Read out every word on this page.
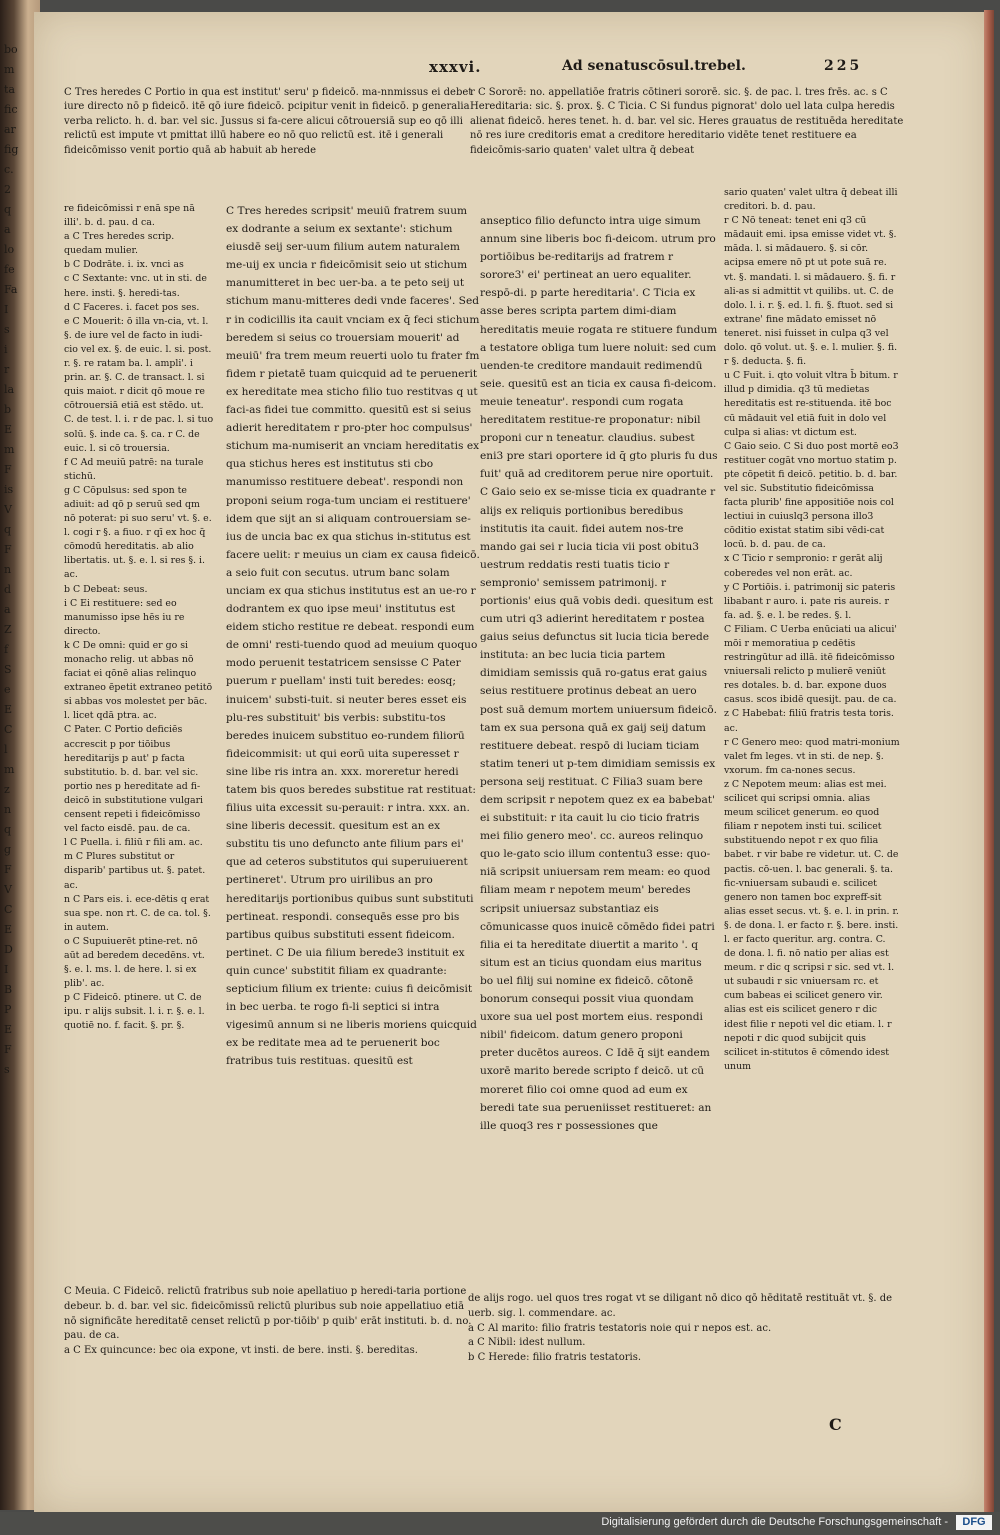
bo
m
ta
fic
ar
fig
c.
2
q
a
lo
fe
Fa
I
s
i
r
la
b
E
m
F
is
V
q
F
n
d
a
Z
f
S
e
E
C
l
m
z
n
q
g
F
V
C
E
D
I
B
P
E
F
s
xxxvi.	Ad senatuscōsul.trebel.	225
C Tres heredes C Portio in qua est institut' seru' p fideicō. ma-nnmissus ei debet iure directo nō p fideicō. itē qō iure fideicō. pcipitur venit in fideicō. p generalia verba relicto. h. d. bar. vel sic. Jussus si fa-cere alicui cōtrouersiā sup eo qō illi relictū est impute vt pmittat illū habere eo nō quo relictū est. itē i generali fideicōmisso venit portio quā ab habuit ab herede
r C Sororē: no. appellatiōe fratris cōtineri sororē. sic. §. de pac. l. tres frēs. ac. s C Hereditaria: sic. §. prox. §. C Ticia. C Si fundus pignorat' dolo uel lata culpa heredis alienat fideicō. heres tenet. h. d. bar. vel sic. Heres grauatus de restituēda hereditate nō res iure creditoris emat a creditore hereditario vidēte tenet restituere ea fideicōmis-sario quaten' valet ultra q̄ debeat
re fideicōmissi r enā spe nā illi'. b. d. pau. d ca.
a C Tres heredes scrip. quedam mulier.
b C Dodrāte. i. ix. vnci as
c C Sextante: vnc. ut in sti. de here. insti. §. heredi-tas.
d C Faceres. i. facet pos ses.
e C Mouerit: ō illa vn-cia, vt. l. §. de iure vel de facto in iudi-cio vel ex. §. de euic. l. si. post. r. §. re ratam ba. l. ampli'. i prin. ar. §. C. de transact. l. si quis maiot. r dicit qō moue re cōtrouersiā etiā est stēdo. ut. C. de test. l. i. r de pac. l. si tuo solū. §. inde ca. §. ca. r C. de euic. l. si cō trouersia.
f C Ad meuiū patrē: na turale stichū.
g C Cōpulsus: sed spon te adiuit: ad qō p seruū sed qm nō poterat: pi suo seru' vt. §. e. l. cogi r §. a fiuo. r qī ex hoc q̄ cōmodū hereditatis. ab alio libertatis. ut. §. e. l. si res §. i. ac.
b C Debeat: seus.
i C Ei restituere: sed eo manumisso ipse hēs iu re directo.
k C De omni: quid er go si monacho relig. ut abbas nō faciat ei qōnē alias relinquo extraneo ēpetit extraneo petitō si abbas vos molestet per bāc. l. licet qdā ptra. ac.
C Pater. C Portio deficiēs accrescit p por tiōibus hereditarijs p aut' p facta substitutio. b. d. bar. vel sic. portio nes p hereditate ad fi-deicō in substitutione vulgari censent repeti i fideicōmisso vel facto eisdē. pau. de ca.
l C Puella. i. filiū r fili am. ac.
m C Plures substitut or disparib' partibus ut. §. patet. ac.
n C Pars eis. i. ece-dētis q erat sua spe. non rt. C. de ca. tol. §. in autem.
o C Supuiuerēt ptine-ret. nō aūt ad beredem decedēns. vt. §. e. l. ms. l. de here. l. si ex plib'. ac.
p C Fideicō. ptinere. ut C. de ipu. r alijs subsit. l. i. r. §. e. l. quotiē no. f. facit. §. pr. §.
C Tres heredes scripsit' meuiū fratrem suum ex dodrante a seium ex sextante': stichum eiusdē seij ser-uum filium autem naturalem me-uij ex uncia r fideicōmisit seio ut stichum manumitteret in bec uer-ba. a te peto seij ut stichum manu-mitteres dedi vnde faceres'. Sed r in codicillis ita cauit vnciam ex q̄ feci stichum beredem si seius co trouersiam mouerit' ad meuiū' fra trem meum reuerti uolo tu frater fm fidem r pietatē tuam quicquid ad te peruenerit ex hereditate mea sticho filio tuo restitvas q ut faci-as fidei tue committo. quesitū est si seius adierit hereditatem r pro-pter hoc compulsus' stichum ma-numiserit an vnciam hereditatis ex qua stichus heres est institutus sti cbo manumisso restituere debeat'. respondi non proponi seium roga-tum unciam ei restituere' idem que sijt an si aliquam controuersiam se-ius de uncia bac ex qua stichus in-stitutus est facere uelit: r meuius un ciam ex causa fideicō. a seio fuit con secutus. utrum banc solam unciam ex qua stichus institutus est an ue-ro r dodrantem ex quo ipse meui' institutus est eidem sticho restitue re debeat. respondi eum de omni' resti-tuendo quod ad meuium quoquo modo peruenit testatricem sensisse C Pater puerum r puellam' insti tuit beredes: eosq; inuicem' substi-tuit. si neuter beres esset eis plu-res substituit' bis verbis: substitu-tos beredes inuicem substituo eo-rundem filiorū fideicommisit: ut qui eorū uita superesset r sine libe ris intra an. xxx. moreretur heredi tatem bis quos beredes substitue rat restituat: filius uita excessit su-perauit: r intra. xxx. an. sine liberis decessit. quesitum est an ex substitu tis uno defuncto ante filium pars ei' que ad ceteros substitutos qui superuiuerent pertineret'. Utrum pro uirilibus an pro hereditarijs portionibus quibus sunt substituti pertineat. respondi. consequēs esse pro bis partibus quibus substituti essent fideicom. pertinet. C De uia filium berede3 instituit ex quin cunce' substitit filiam ex quadrante: septicium filium ex triente: cuius fi deicōmisit in bec uerba. te rogo fi-li septici si intra vigesimū annum si ne liberis moriens quicquid ex be reditate mea ad te peruenerit boc fratribus tuis restituas. quesitū est
anseptico filio defuncto intra uige simum annum sine liberis boc fi-deicom. utrum pro portiōibus be-reditarijs ad fratrem r sorore3' ei' pertineat an uero equaliter. respō-di. p parte hereditaria'. C Ticia ex asse beres scripta partem dimi-diam hereditatis meuie rogata re stituere fundum a testatore obliga tum luere noluit: sed cum uenden-te creditore mandauit redimendū seie. quesitū est an ticia ex causa fi-deicom. meuie teneatur'. respondi cum rogata hereditatem restitue-re proponatur: nibil proponi cur n teneatur. claudius. subest eni3 pre stari oportere id q̄ gto pluris fu dus fuit' quā ad creditorem perue nire oportuit. C Gaio seio ex se-misse ticia ex quadrante r alijs ex reliquis portionibus beredibus institutis ita cauit. fidei autem nos-tre mando gai sei r lucia ticia vii post obitu3 uestrum reddatis resti tuatis ticio r sempronio' semissem patrimonij. r portionis' eius quā vobis dedi. quesitum est cum utri q3 adierint hereditatem r postea gaius seius defunctus sit lucia ticia berede instituta: an bec lucia ticia partem dimidiam semissis quā ro-gatus erat gaius seius restituere protinus debeat an uero post suā demum mortem uniuersum fideicō. tam ex sua persona quā ex gaij seij datum restituere debeat. respō di luciam ticiam statim teneri ut p-tem dimidiam semissis ex persona seij restituat. C Filia3 suam bere dem scripsit r nepotem quez ex ea babebat' ei substituit: r ita cauit lu cio ticio fratris mei filio genero meo'. cc. aureos relinquo quo le-gato scio illum contentu3 esse: quo-niā scripsit uniuersam rem meam: eo quod filiam meam r nepotem meum' beredes scripsit uniuersaz substantiaz eis cōmunicasse quos inuicē cōmēdo fidei patri filia ei ta hereditate diuertit a marito '. q situm est an ticius quondam eius maritus bo uel filij sui nomine ex fideicō. cōtonē bonorum consequi possit viua quondam uxore sua uel post mortem eius. respondi nibil' fideicom. datum genero proponi preter ducētos aureos. C Idē q̄ sijt eandem uxorē marito berede scripto f deicō. ut cū moreret filio coi omne quod ad eum ex beredi tate sua perueniisset restitueret: an ille quoq3 res r possessiones que
sario quaten' valet ultra q̄ debeat illi creditori. b. d. pau.
r C Nō teneat: tenet eni q3 cū mādauit emi. ipsa emisse videt vt. §. māda. l. si mādauero. §. si cōr. acipsa emere nō pt ut pote suā re. vt. §. mandati. l. si mādauero. §. fi. r ali-as si admittit vt quilibs. ut. C. de dolo. l. i. r. §. ed. l. fi. §. ftuot. sed si extrane' fine mādato emisset nō teneret. nisi fuisset in culpa q3 vel dolo. qō volut. ut. §. e. l. mulier. §. fi. r §. deducta. §. fi.
u C Fuit. i. qto voluit vltra b̄ bitum. r illud p dimidia. q3 tū medietas hereditatis est re-stituenda. itē boc cū mādauit vel etiā fuit in dolo vel culpa si alias: vt dictum est.
C Gaio seio. C Si duo post mortē eo3 restituer cogāt vno mortuo statim p. pte cōpetit fi deicō. petitio. b. d. bar. vel sic. Substitutio fideicōmissa facta plurib' fine appositiōe nois col lectiui in cuiuslq3 persona illo3 cōditio existat statim sibi vēdi-cat locū. b. d. pau. de ca.
x C Ticio r sempronio: r gerāt alij coberedes vel non erāt. ac.
y C Portiōis. i. patrimonij sic pateris libabant r auro. i. pate ris aureis. r fa. ad. §. e. l. be redes. §. l.
C Filiam. C Uerba enūciati ua alicui' mōi r memoratiua p cedētis restringūtur ad illā. itē fideicōmisso vniuersali relicto p mulierē veniūt res dotales. b. d. bar. expone duos casus. scos ibidē quesijt. pau. de ca.
z C Habebat: filiū fratris testa toris. ac.
r C Genero meo: quod matri-monium valet fm leges. vt in sti. de nep. §. vxorum. fm ca-nones secus.
z C Nepotem meum: alias est mei. scilicet qui scripsi omnia. alias meum scilicet generum. eo quod filiam r nepotem insti tui. scilicet substituendo nepot r ex quo filia babet. r vir babe re videtur. ut. C. de pactis. cō-uen. l. bac generali. §. ta. fic-vniuersam subaudi e. scilicet genero non tamen boc expreff-sit alias esset secus. vt. §. e. l. in prin. r. §. de dona. l. er facto r. §. bere. insti. l. er facto queritur. arg. contra. C. de dona. l. fi. nō natio per alias est meum. r dic q scripsi r sic. sed vt. l. ut subaudi r sic vniuersam rc. et cum babeas ei scilicet genero vir. alias est eis scilicet genero r dic idest filie r nepoti vel dic etiam. l. r nepoti r dic quod subijcit quis scilicet in-stitutos ē cōmendo idest unum
C Meuia. C Fideicō. relictū fratribus sub noie apellatiuo p heredi-taria portione debeur. b. d. bar. vel sic. fideicōmissū relictū pluribus sub noie appellatiuo etiā nō significāte hereditatē censet relictū p por-tiōib' p quib' erāt instituti. b. d. no. pau. de ca.
a C Ex quincunce: bec oia expone, vt insti. de bere. insti. §. bereditas.
de alijs rogo. uel quos tres rogat vt se diligant nō dico qō hēditatē restituāt vt. §. de uerb. sig. l. commendare. ac.
a C Al marito: filio fratris testatoris noie qui r nepos est. ac.
a C Nibil: idest nullum.
b C Herede: filio fratris testatoris.
C
Digitalisierung gefördert durch die Deutsche Forschungsgemeinschaft -	DFG
